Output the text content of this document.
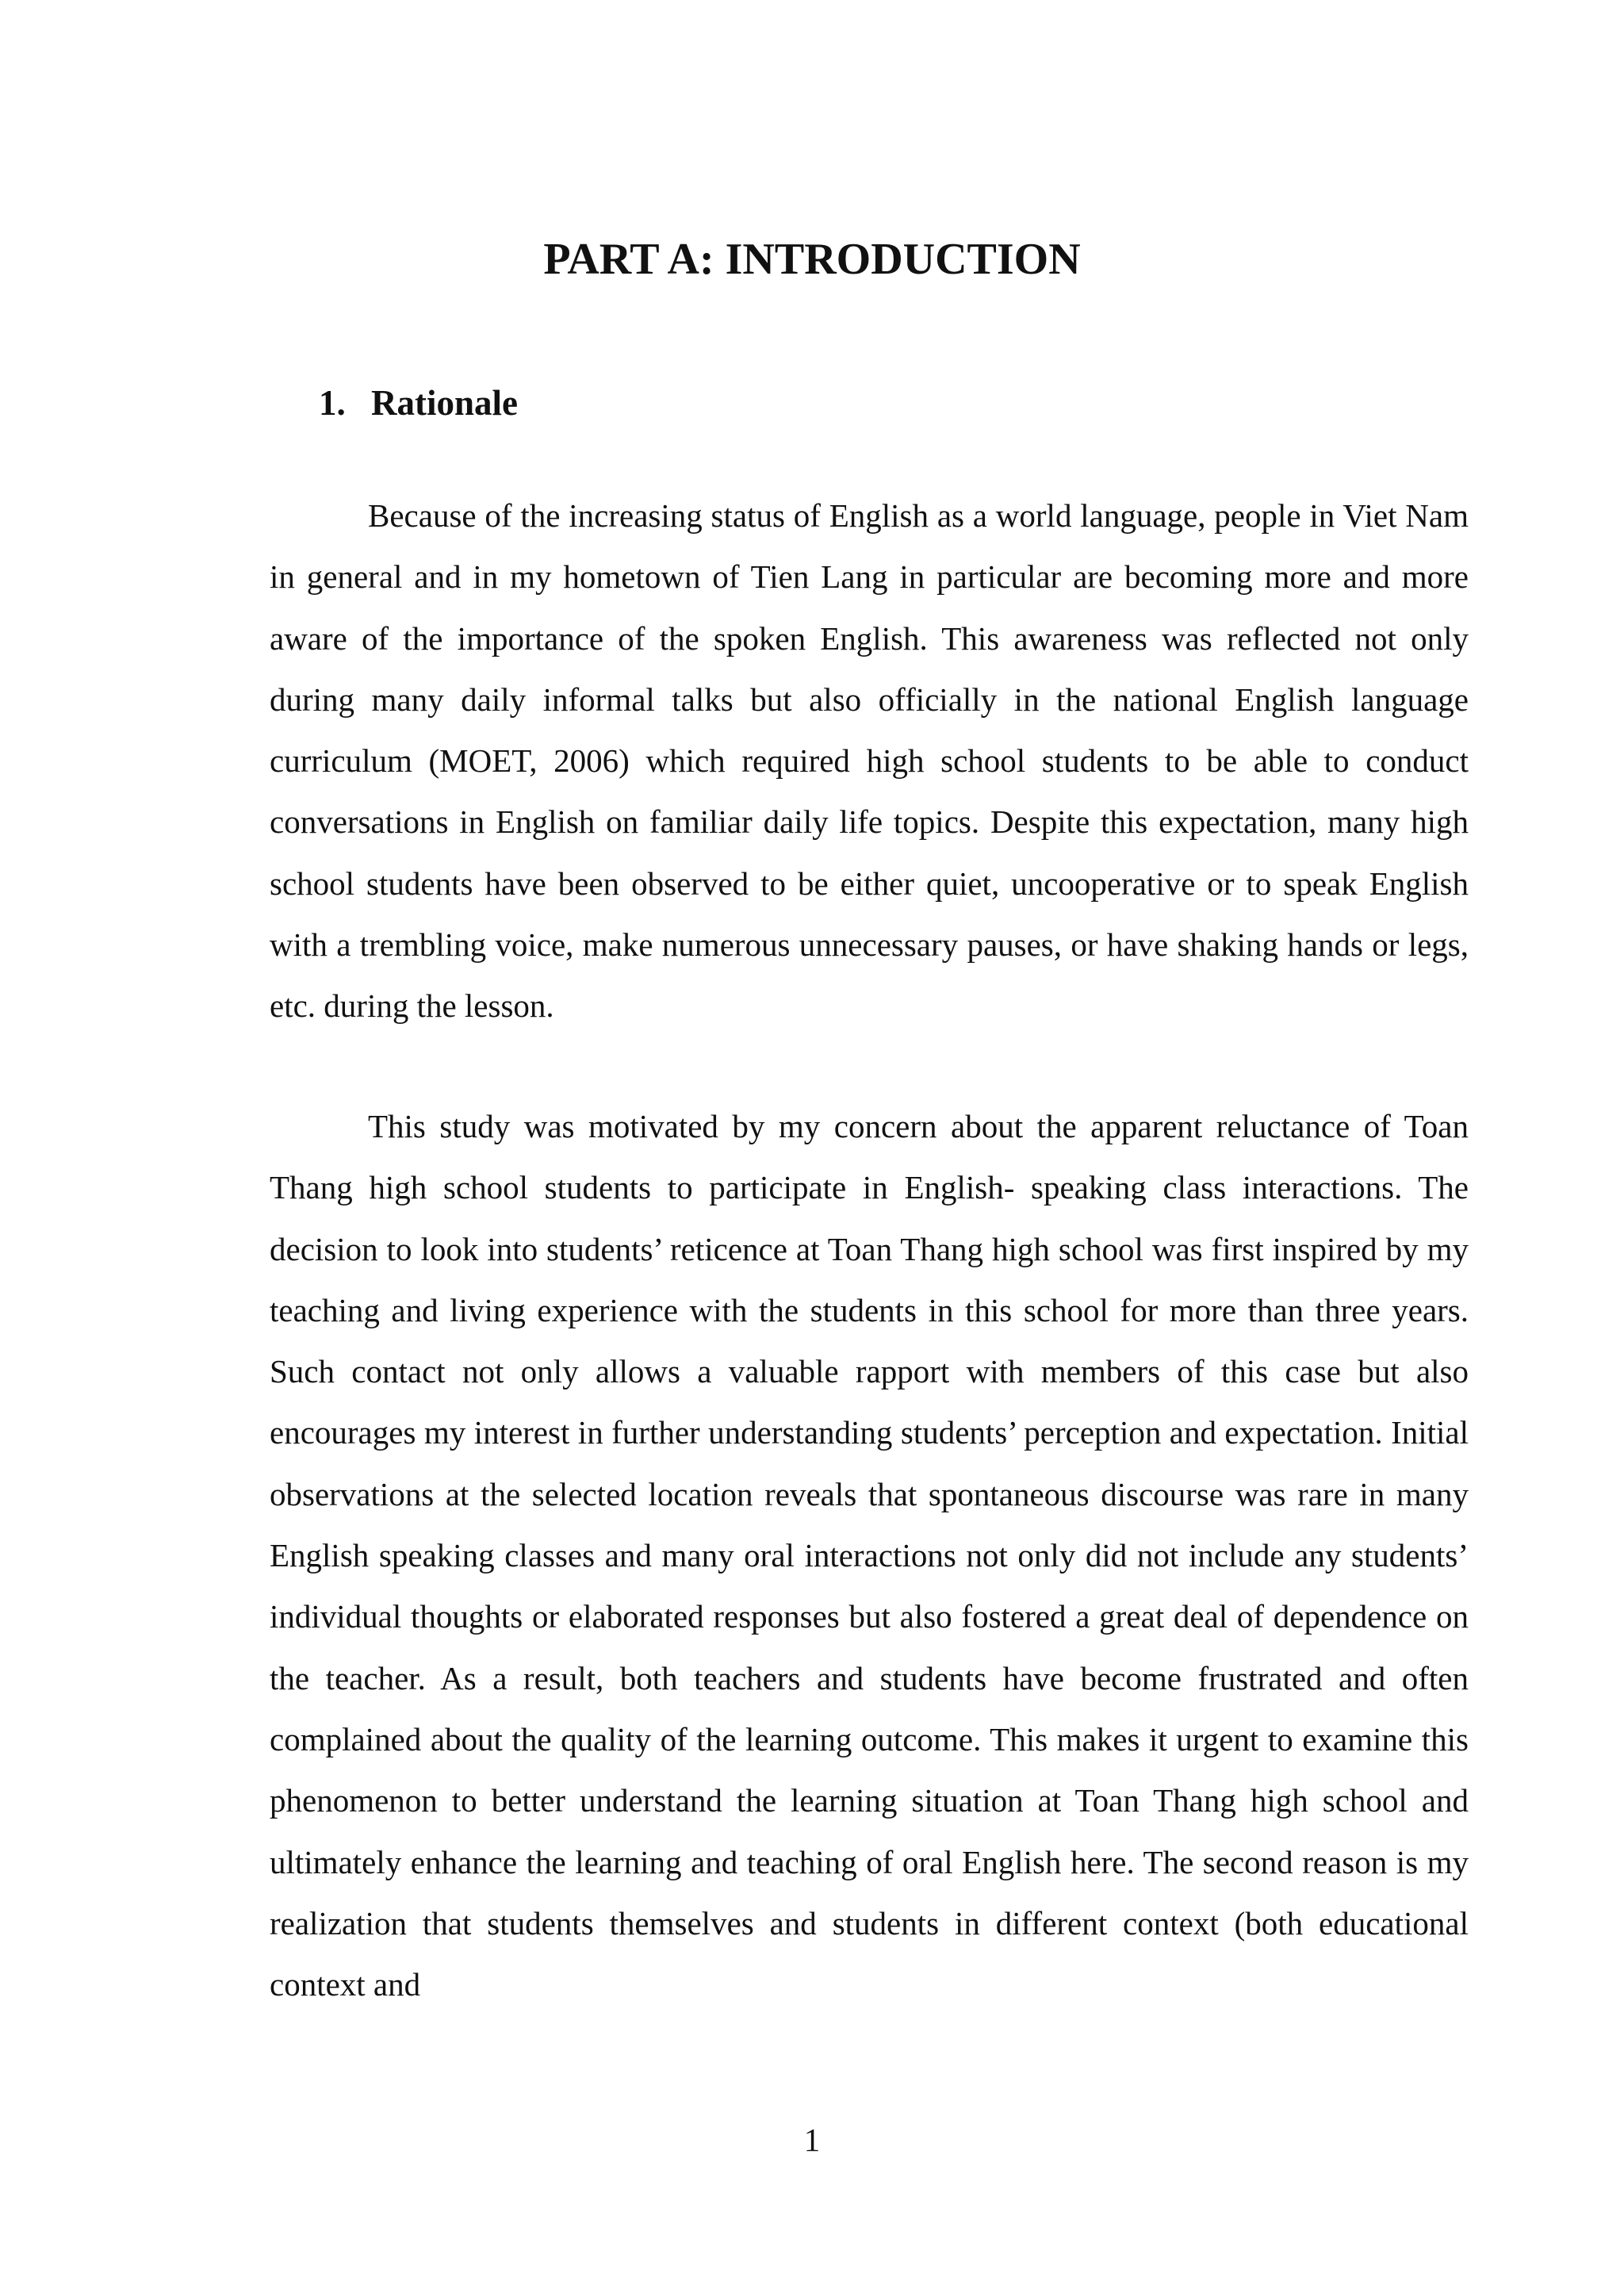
PART A: INTRODUCTION
1. Rationale

Because of the increasing status of English as a world language, people in Viet Nam in general and in my hometown of Tien Lang in particular are becoming more and more aware of the importance of the spoken English. This awareness was reflected not only during many daily informal talks but also officially in the national English language curriculum (MOET, 2006) which required high school students to be able to conduct conversations in English on familiar daily life topics. Despite this expectation, many high school students have been observed to be either quiet, uncooperative or to speak English with a trembling voice, make numerous unnecessary pauses, or have shaking hands or legs, etc. during the lesson.

This study was motivated by my concern about the apparent reluctance of Toan Thang high school students to participate in English- speaking class interactions. The decision to look into students’ reticence at Toan Thang high school was first inspired by my teaching and living experience with the students in this school for more than three years. Such contact not only allows a valuable rapport with members of this case but also encourages my interest in further understanding students’ perception and expectation. Initial observations at the selected location reveals that spontaneous discourse was rare in many English speaking classes and many oral interactions not only did not include any students’ individual thoughts or elaborated responses but also fostered a great deal of dependence on the teacher. As a result, both teachers and students have become frustrated and often complained about the quality of the learning outcome. This makes it urgent to examine this phenomenon to better understand the learning situation at Toan Thang high school and ultimately enhance the learning and teaching of oral English here. The second reason is my realization that students themselves and students in different context (both educational context and

1
